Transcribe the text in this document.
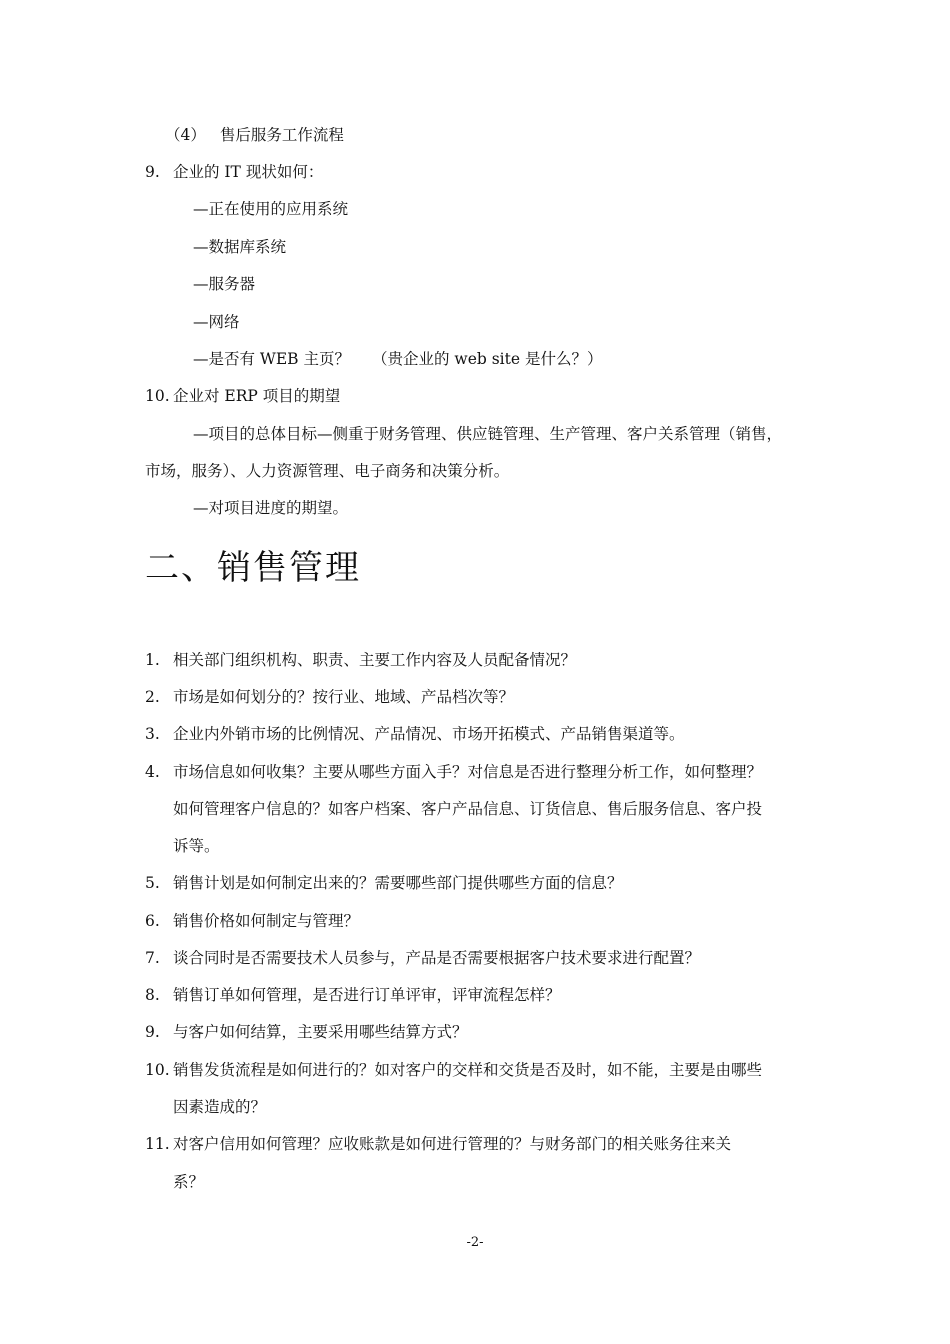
（4） 售后服务工作流程
9. 企业的 IT 现状如何：
—正在使用的应用系统
—数据库系统
—服务器
—网络
—是否有 WEB 主页？ （贵企业的 web site 是什么？）
10. 企业对 ERP 项目的期望
—项目的总体目标—侧重于财务管理、供应链管理、生产管理、客户关系管理（销售，
市场，服务）、人力资源管理、电子商务和决策分析。
—对项目进度的期望。
二、销售管理
1. 相关部门组织机构、职责、主要工作内容及人员配备情况？
2. 市场是如何划分的？按行业、地域、产品档次等？
3. 企业内外销市场的比例情况、产品情况、市场开拓模式、产品销售渠道等。
4. 市场信息如何收集？主要从哪些方面入手？对信息是否进行整理分析工作，如何整理？
如何管理客户信息的？如客户档案、客户产品信息、订货信息、售后服务信息、客户投
诉等。
5. 销售计划是如何制定出来的？需要哪些部门提供哪些方面的信息？
6. 销售价格如何制定与管理？
7. 谈合同时是否需要技术人员参与，产品是否需要根据客户技术要求进行配置？
8. 销售订单如何管理，是否进行订单评审，评审流程怎样？
9. 与客户如何结算，主要采用哪些结算方式？
10. 销售发货流程是如何进行的？如对客户的交样和交货是否及时，如不能，主要是由哪些
因素造成的？
11. 对客户信用如何管理？应收账款是如何进行管理的？与财务部门的相关账务往来关
系？
-2-
